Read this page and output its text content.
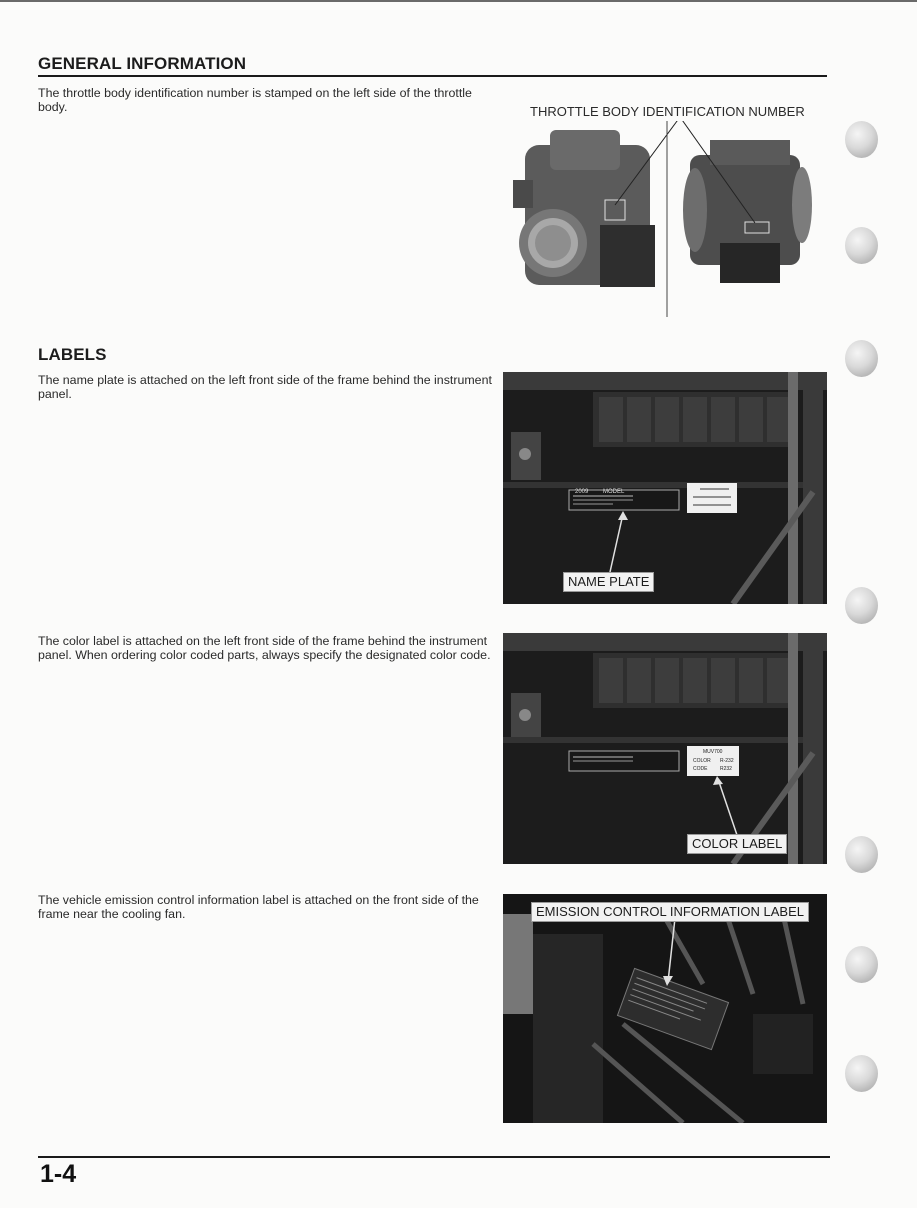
GENERAL INFORMATION
The throttle body identification number is stamped on the left side of the throttle body.	THROTTLE BODY IDENTIFICATION NUMBER
LABELS
The name plate is attached on the left front side of the frame behind the instrument panel.
2009 MODEL
NAME PLATE
The color label is attached on the left front side of the frame behind the instrument panel. When ordering color coded parts, always specify the designated color code.
MUV700
COLOR R-232
CODE	R232
COLOR LABEL
The vehicle emission control information label is attached on the front side of the frame near the cooling fan.	EMISSION CONTROL INFORMATION LABEL
1-4
